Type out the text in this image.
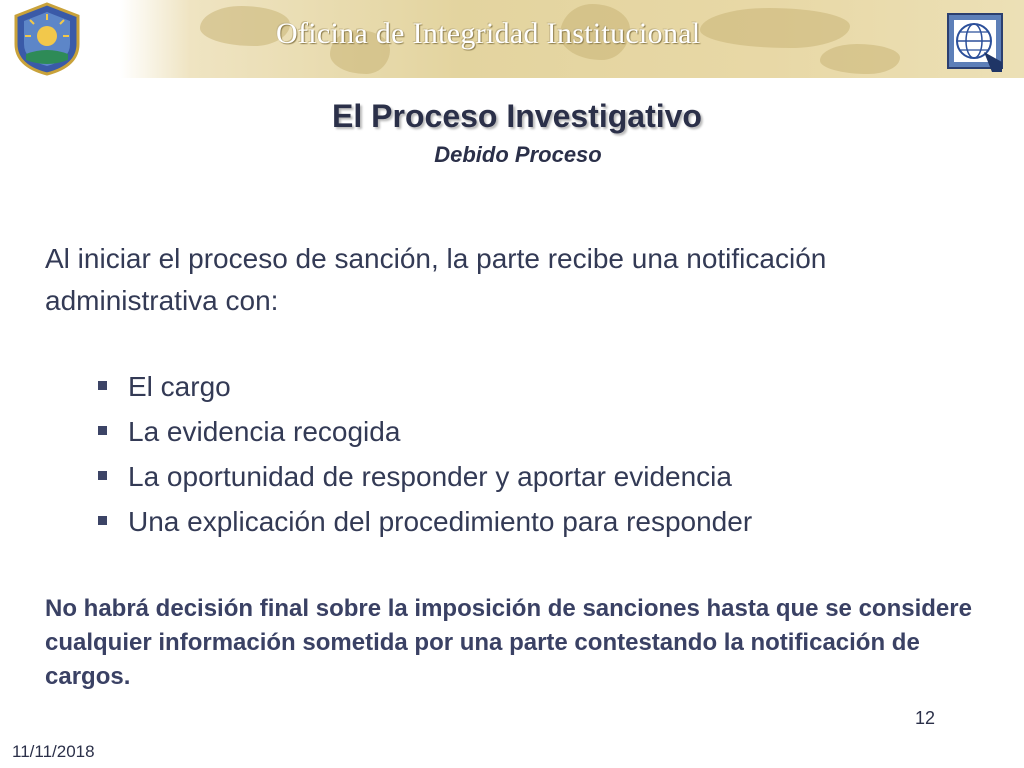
Oficina de Integridad Institucional
El Proceso Investigativo
Debido Proceso
Al iniciar el proceso de sanción, la parte recibe una notificación administrativa con:
El cargo
La evidencia recogida
La oportunidad de responder y aportar evidencia
Una explicación del procedimiento para responder
No habrá decisión final sobre la imposición de sanciones hasta que se considere cualquier información sometida por una parte contestando la notificación de cargos.
12
11/11/2018
